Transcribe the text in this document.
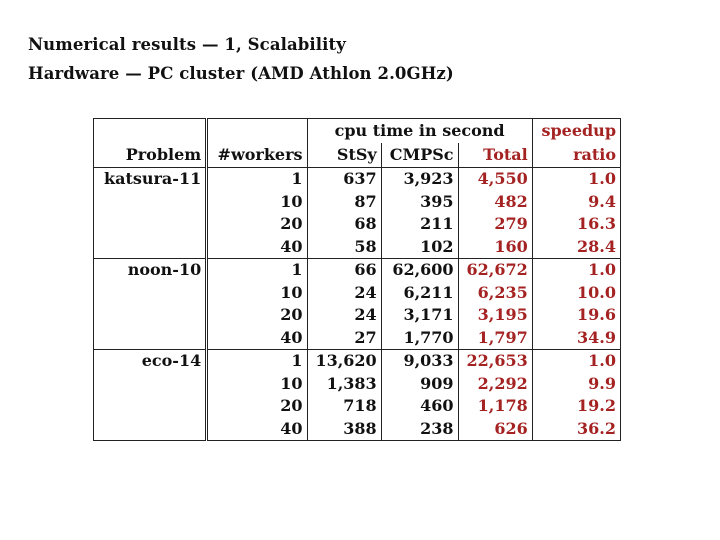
Numerical results — 1, Scalability
Hardware — PC cluster (AMD Athlon 2.0GHz)
		cpu time in second			speedup
Problem	#workers	StSy	CMPSc	Total	ratio
katsura-11	1	637	3,923	4,550	1.0
	10	87	395	482	9.4
	20	68	211	279	16.3
	40	58	102	160	28.4
noon-10	1	66	62,600	62,672	1.0
	10	24	6,211	6,235	10.0
	20	24	3,171	3,195	19.6
	40	27	1,770	1,797	34.9
eco-14	1	13,620	9,033	22,653	1.0
	10	1,383	909	2,292	9.9
	20	718	460	1,178	19.2
	40	388	238	626	36.2
